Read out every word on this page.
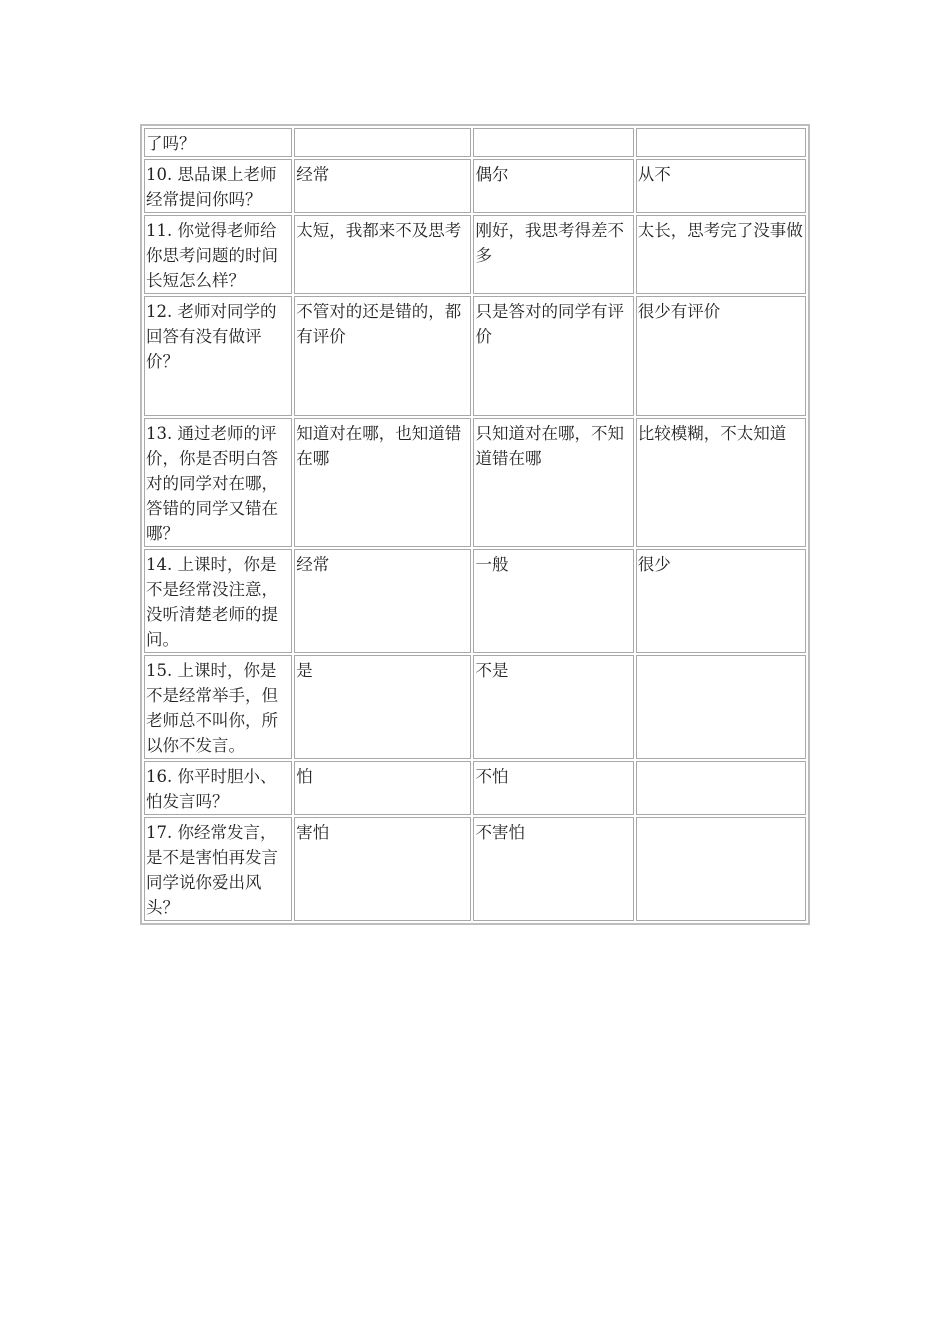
了吗？			
10. 思品课上老师经常提问你吗？	经常	偶尔	从不
11. 你觉得老师给你思考问题的时间长短怎么样？	太短，我都来不及思考	刚好，我思考得差不多	太长，思考完了没事做
12. 老师对同学的回答有没有做评价？	不管对的还是错的，都有评价	只是答对的同学有评价	很少有评价
13. 通过老师的评价，你是否明白答对的同学对在哪，答错的同学又错在哪？	知道对在哪，也知道错在哪	只知道对在哪，不知道错在哪	比较模糊，不太知道
14. 上课时，你是不是经常没注意，没听清楚老师的提问。	经常	一般	很少
15. 上课时，你是不是经常举手，但老师总不叫你，所以你不发言。	是	不是	
16. 你平时胆小、怕发言吗？	怕	不怕	
17. 你经常发言，是不是害怕再发言同学说你爱出风头？	害怕	不害怕	
